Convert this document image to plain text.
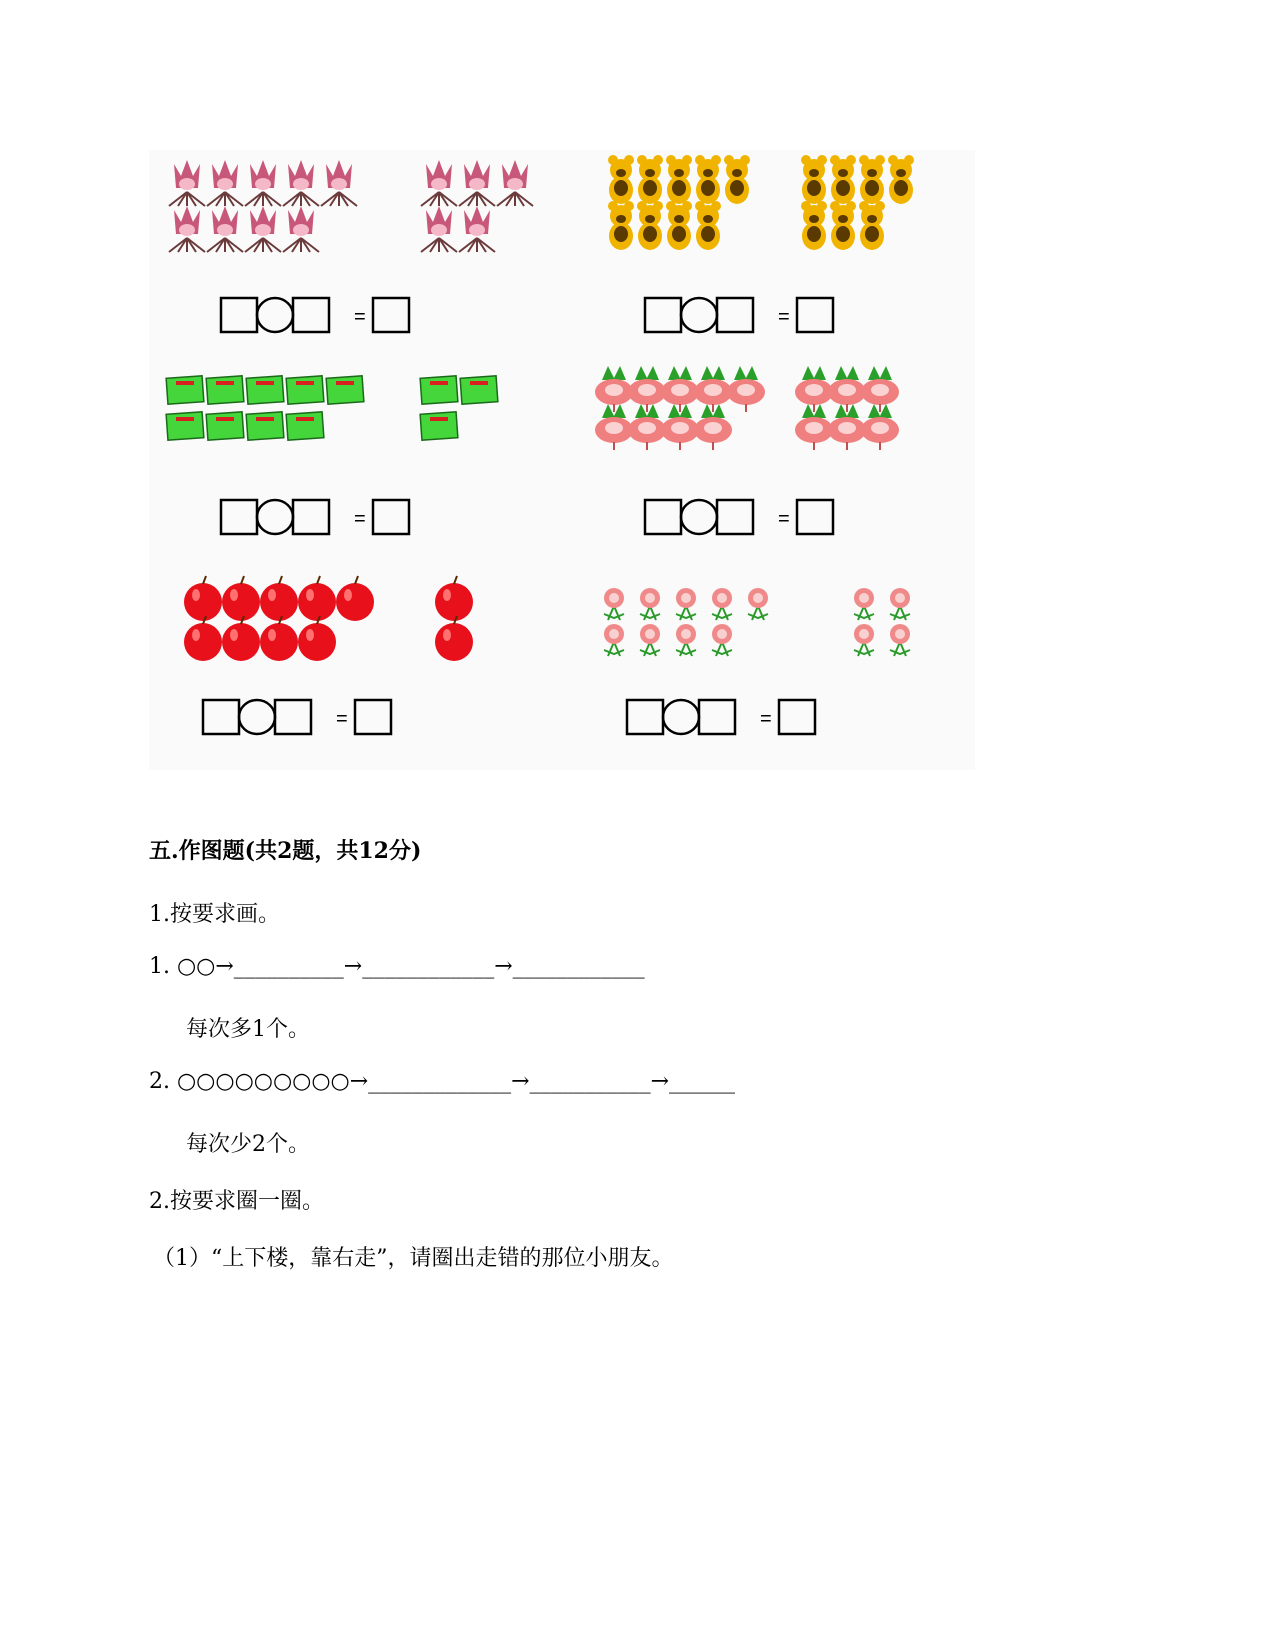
=	=
=	=
=	=
五.作图题(共2题，共12分)
1.按要求画。
1. ○○→__________→____________→____________
每次多1个。
2. ○○○○○○○○○→_____________→___________→______
每次少2个。
2.按要求圈一圈。
（1）“上下楼，靠右走”，请圈出走错的那位小朋友。
